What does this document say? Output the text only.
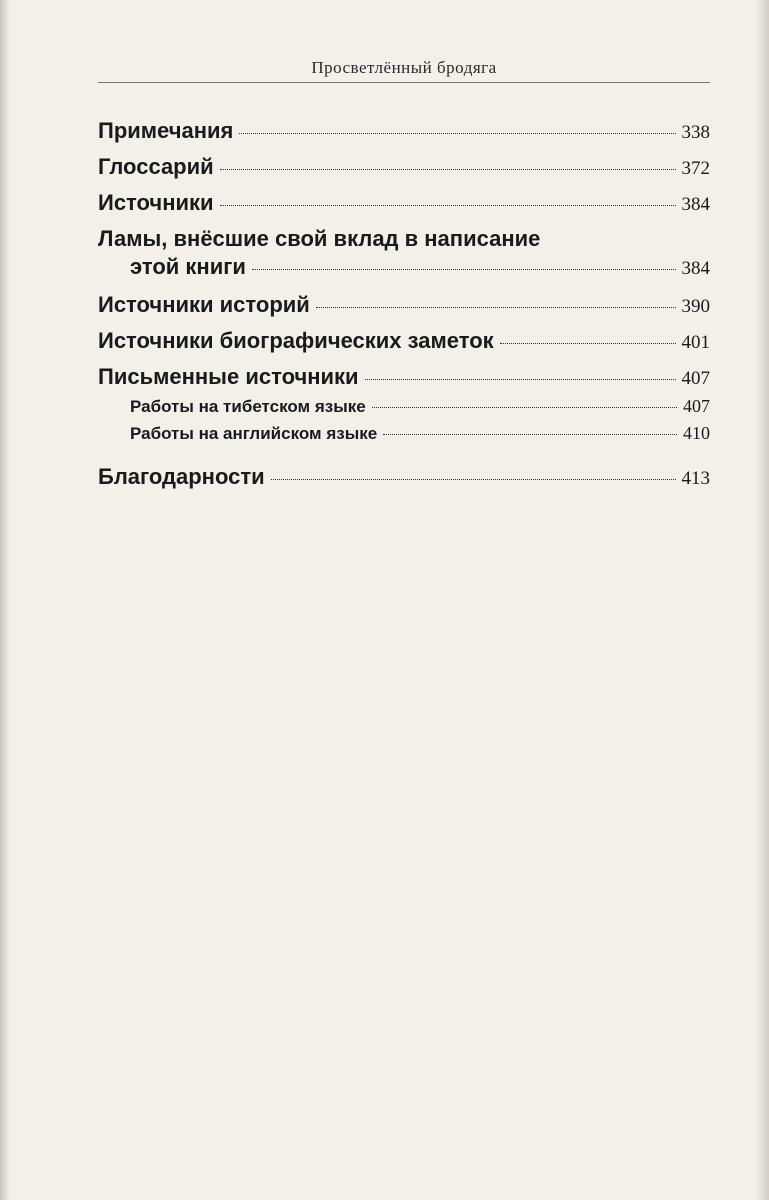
Просветлённый бродяга
Примечания	338
Глоссарий	372
Источники	384
Ламы, внёсшие свой вклад в написание
этой книги	384
Источники историй	390
Источники биографических заметок	401
Письменные источники	407
Работы на тибетском языке	407
Работы на английском языке	410
Благодарности	413
